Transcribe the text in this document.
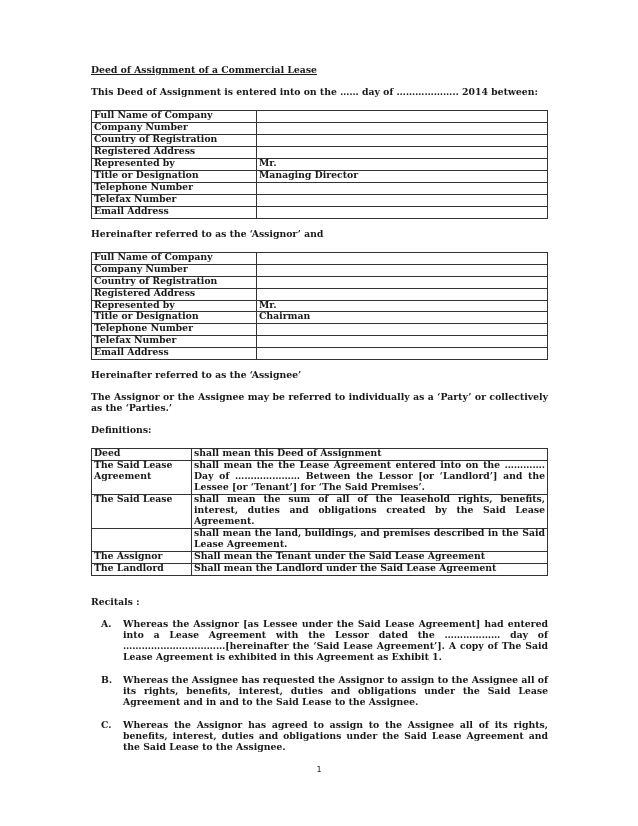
Deed of Assignment of a Commercial Lease
This Deed of Assignment is entered into on the …… day of ……………….. 2014 between:
Full Name of Company	
Company Number	
Country of Registration	
Registered Address	
Represented by	Mr.
Title or Designation	Managing Director
Telephone Number	
Telefax Number	
Email Address	
Hereinafter referred to as the ‘Assignor’ and
Full Name of Company	
Company Number	
Country of Registration	
Registered Address	
Represented by	Mr.
Title or Designation	Chairman
Telephone Number	
Telefax Number	
Email Address	
Hereinafter referred to as the ‘Assignee’
The Assignor or the Assignee may be referred to individually as a ‘Party’ or collectively as the ‘Parties.’
Definitions:
Deed	shall mean this Deed of Assignment
The Said Lease Agreement	shall mean the the Lease Agreement entered into on the …………. Day of ………………… Between the Lessor [or ‘Landlord’] and the Lessee [or ‘Tenant’] for ‘The Said Premises’.
The Said Lease	shall mean the sum of all of the leasehold rights, benefits, interest, duties and obligations created by the Said Lease Agreement.
	shall mean the land, buildings, and premises described in the Said Lease Agreement.
The Assignor	Shall mean the Tenant under the Said Lease Agreement
The Landlord	Shall mean the Landlord under the Said Lease Agreement
Recitals :
A. Whereas the Assignor [as Lessee under the Said Lease Agreement] had entered into a Lease Agreement with the Lessor dated the ……………… day of ……………………………[hereinafter the ‘Said Lease Agreement’]. A copy of The Said Lease Agreement is exhibited in this Agreement as Exhibit 1.
B. Whereas the Assignee has requested the Assignor to assign to the Assignee all of its rights, benefits, interest, duties and obligations under the Said Lease Agreement and in and to the Said Lease to the Assignee.
C. Whereas the Assignor has agreed to assign to the Assignee all of its rights, benefits, interest, duties and obligations under the Said Lease Agreement and the Said Lease to the Assignee.
1
